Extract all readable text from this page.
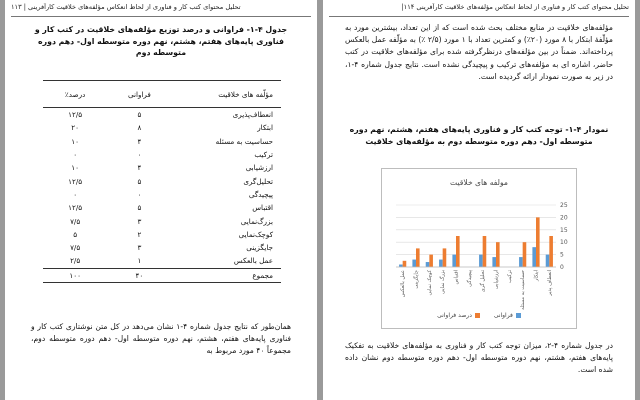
تحلیل محتوای کتب کار و فناوری از لحاظ انعکاس مؤلفه‌های خلاقیت کارآفرینی | ۱۱۳
جدول ۴-۱- فراوانی و درصد توزیع مؤلفه‌های خلاقیت در کتب کار و فناوری پایه‌های هفتم، هشتم، نهم دوره متوسطه اول- دهم دوره متوسطه دوم
مؤلّفه های خلاقیت	فراوانی	درصد٪
انعطاف‌پذیری	۵	۱۲/۵
ابتکار	۸	۲۰
حساسیت به مسئله	۴	۱۰
ترکیب	۰	۰
ارزشیابی	۴	۱۰
تحلیل‌گری	۵	۱۲/۵
پیچیدگی	۰	۰
اقتباس	۵	۱۲/۵
بزرگ‌نمایی	۳	۷/۵
کوچک‌نمایی	۲	۵
جایگزینی	۳	۷/۵
عمل بالعکس	۱	۲/۵
مجموع	۴۰	۱۰۰
همان‌طور که نتایج جدول شماره ۴-۱ نشان می‌دهد در کل متن نوشتاری کتب کار و فناوری پایه‌های هفتم، هشتم، نهم دوره متوسطه اول- دهم دوره متوسطه دوم، مجموعاً ۴۰ مورد مربوط به
|۱۱۴ تحلیل محتوای کتب کار و فناوری از لحاظ انعکاس مؤلفه‌های خلاقیت کارآفرینی
مؤلفه‌های خلاقیت در منابع مختلف بحث شده است که از این تعداد، بیشترین مورد به مؤلّفۀ ابتکار با ۸ مورد (۲۰٪) و کمترین تعداد با ۱ مورد (۲/۵ ٪) به مؤلّفه عمل بالعکس پرداخته‌اند. ضمناً در بین مؤلفه‌های درنظرگرفته شده برای مؤلفه‌های خلاقیت در کتب حاضر، اشاره ای به مؤلفه‌های ترکیب و پیچیدگی نشده است. نتایج جدول شماره ۴-۱، در زیر به صورت نمودار ارائه گردیده است.
نمودار ۴-۱- توجه کتب کار و فناوری پایه‌های هفتم، هشتم، نهم دوره متوسطه اول- دهم دوره متوسطه دوم به مؤلفه‌های خلاقیت
مولفه های خلاقیت
0
5
10
15
20
25
عمل بالعکس جایگزینی کوچک نمایی بزرگ نمایی اقتباس پیچیدگی تحلیل گری ارزشیابی ترکیب حساسیت به مسئله ابتکار انعطاف پذیر
فراوانی درصد فراوانی
در جدول شماره ۴-۲، میزان توجه کتب کار و فناوری به مؤلفه‌های خلاقیت به تفکیک پایه‌های هفتم، هشتم، نهم دوره متوسطه اول- دهم دوره متوسطه دوم نشان داده شده است.
